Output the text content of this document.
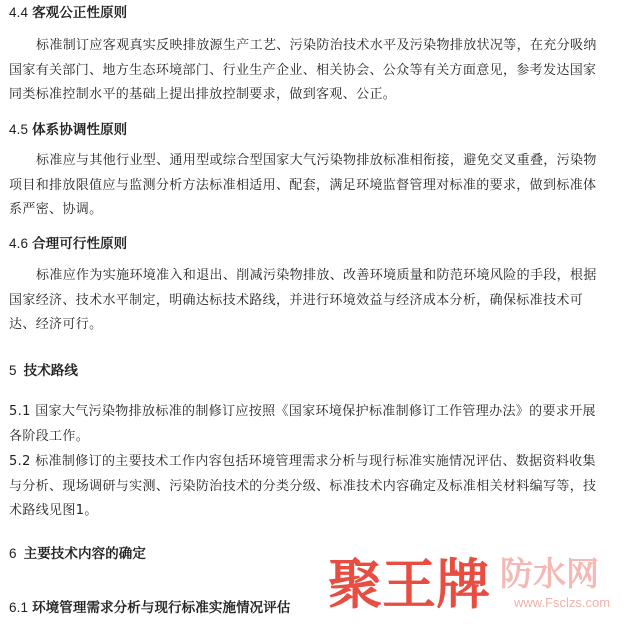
4.4 客观公正性原则
标准制订应客观真实反映排放源生产工艺、污染防治技术水平及污染物排放状况等，在充分吸纳
国家有关部门、地方生态环境部门、行业生产企业、相关协会、公众等有关方面意见，参考发达国家
同类标准控制水平的基础上提出排放控制要求，做到客观、公正。
4.5 体系协调性原则
标准应与其他行业型、通用型或综合型国家大气污染物排放标准相衔接，避免交叉重叠，污染物
项目和排放限值应与监测分析方法标准相适用、配套，满足环境监督管理对标准的要求，做到标准体
系严密、协调。
4.6 合理可行性原则
标准应作为实施环境准入和退出、削减污染物排放、改善环境质量和防范环境风险的手段，根据
国家经济、技术水平制定，明确达标技术路线，并进行环境效益与经济成本分析，确保标准技术可
达、经济可行。
5 技术路线
5.1 国家大气污染物排放标准的制修订应按照《国家环境保护标准制修订工作管理办法》的要求开展
各阶段工作。
5.2 标准制修订的主要技术工作内容包括环境管理需求分析与现行标准实施情况评估、数据资料收集
与分析、现场调研与实测、污染防治技术的分类分级、标准技术内容确定及标准相关材料编写等，技
术路线见图1。
6 主要技术内容的确定
6.1 环境管理需求分析与现行标准实施情况评估 聚王牌 防水网
www.Fsclzs.com
